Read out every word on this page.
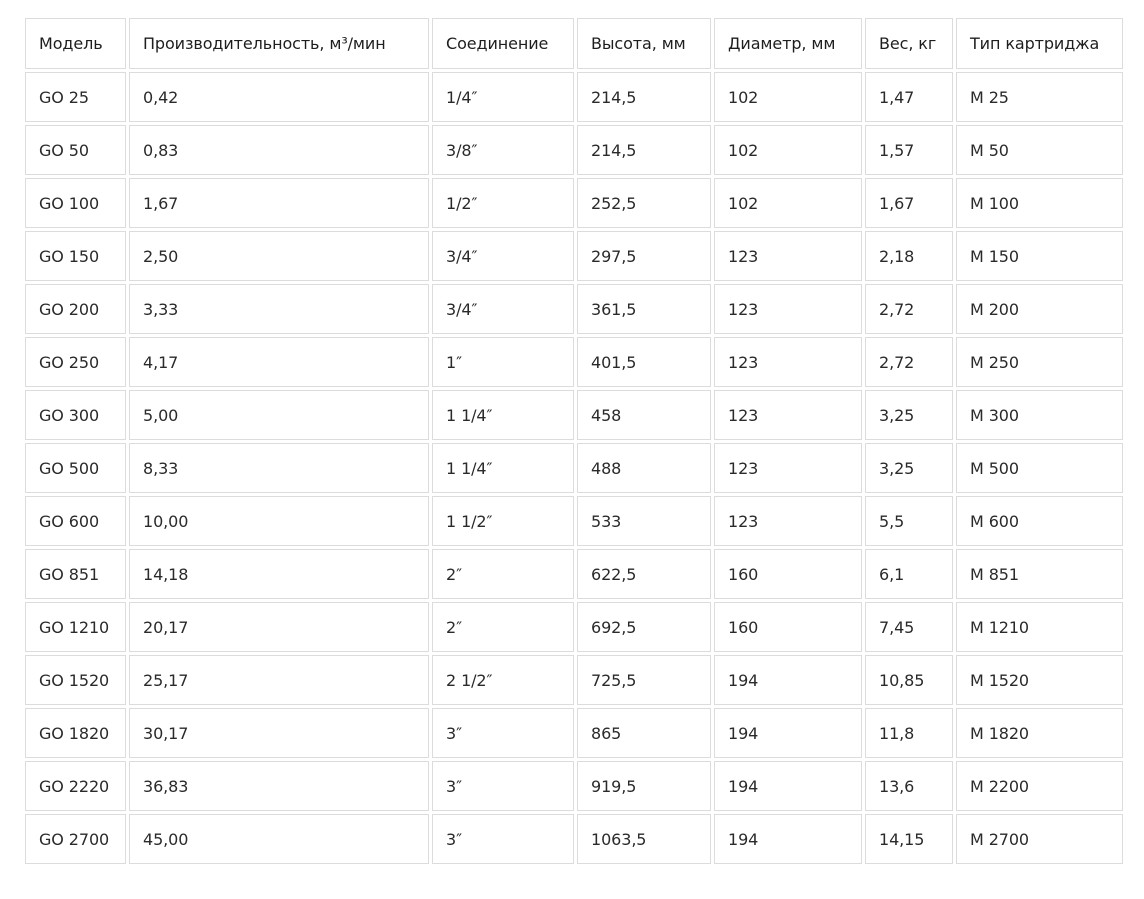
Модель	Производительность, м³/мин	Соединение	Высота, мм	Диаметр, мм	Вес, кг	Тип картриджа
GO 25	0,42	1/4″	214,5	102	1,47	M 25
GO 50	0,83	3/8″	214,5	102	1,57	M 50
GO 100	1,67	1/2″	252,5	102	1,67	M 100
GO 150	2,50	3/4″	297,5	123	2,18	M 150
GO 200	3,33	3/4″	361,5	123	2,72	M 200
GO 250	4,17	1″	401,5	123	2,72	M 250
GO 300	5,00	1 1/4″	458	123	3,25	M 300
GO 500	8,33	1 1/4″	488	123	3,25	M 500
GO 600	10,00	1 1/2″	533	123	5,5	M 600
GO 851	14,18	2″	622,5	160	6,1	M 851
GO 1210	20,17	2″	692,5	160	7,45	M 1210
GO 1520	25,17	2 1/2″	725,5	194	10,85	M 1520
GO 1820	30,17	3″	865	194	11,8	M 1820
GO 2220	36,83	3″	919,5	194	13,6	M 2200
GO 2700	45,00	3″	1063,5	194	14,15	M 2700
